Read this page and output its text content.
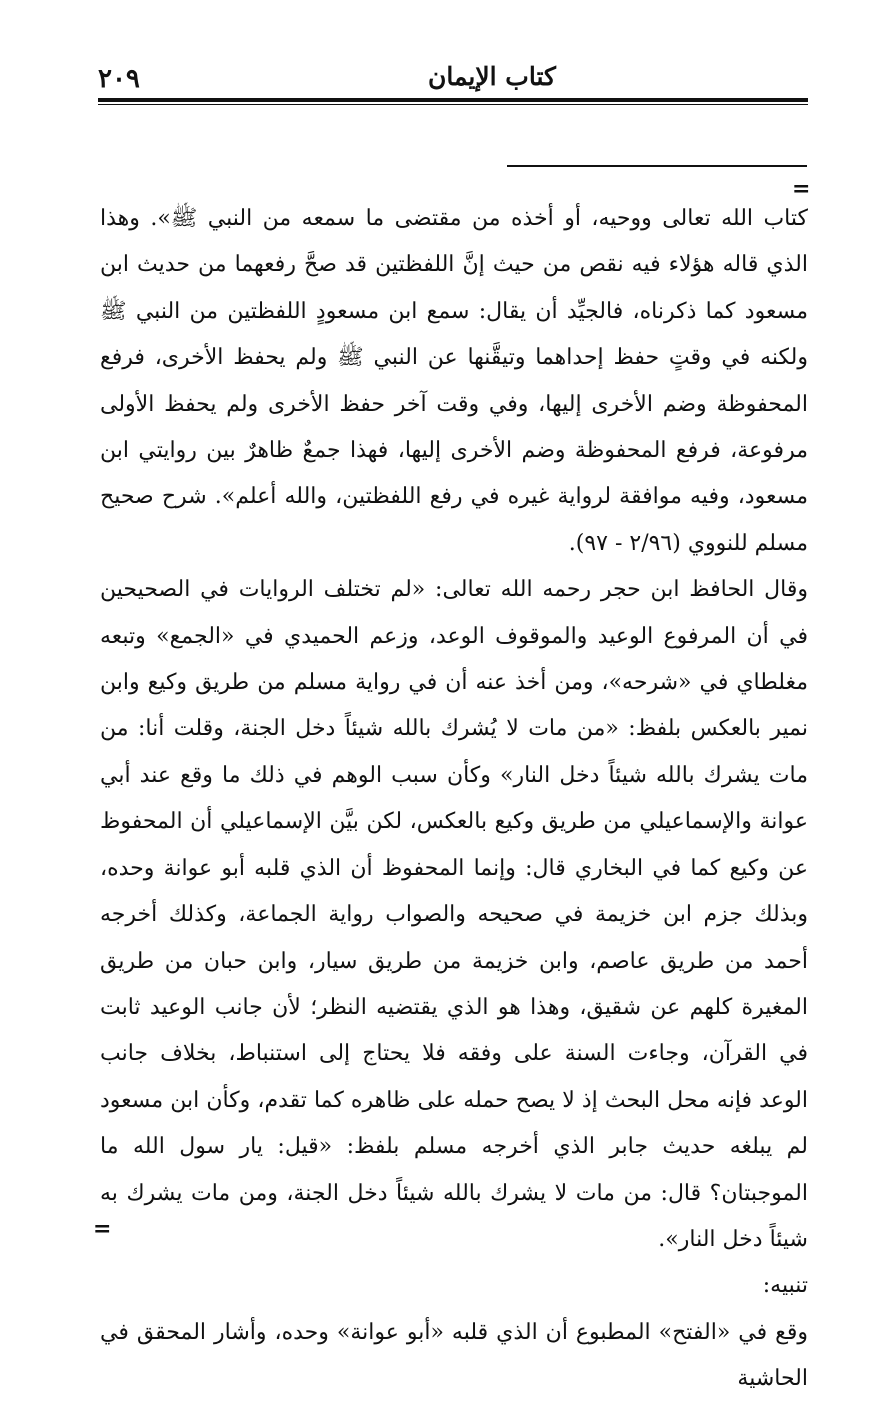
٢٠٩	كتاب الإيمان
=

كتاب الله تعالى ووحيه، أو أخذه من مقتضى ما سمعه من النبي ﷺ». وهذا الذي قاله هؤلاء فيه نقص من حيث إنَّ اللفظتين قد صحَّ رفعهما من حديث ابن مسعود كما ذكرناه، فالجيِّد أن يقال: سمع ابن مسعودٍ اللفظتين من النبي ﷺ ولكنه في وقتٍ حفظ إحداهما وتيقَّنها عن النبي ﷺ ولم يحفظ الأخرى، فرفع المحفوظة وضم الأخرى إليها، وفي وقت آخر حفظ الأخرى ولم يحفظ الأولى مرفوعة، فرفع المحفوظة وضم الأخرى إليها، فهذا جمعٌ ظاهرٌ بين روايتي ابن مسعود، وفيه موافقة لرواية غيره في رفع اللفظتين، والله أعلم». شرح صحيح مسلم للنووي (٢/٩٦ - ٩٧).

وقال الحافظ ابن حجر رحمه الله تعالى: «لم تختلف الروايات في الصحيحين في أن المرفوع الوعيد والموقوف الوعد، وزعم الحميدي في «الجمع» وتبعه مغلطاي في «شرحه»، ومن أخذ عنه أن في رواية مسلم من طريق وكيع وابن نمير بالعكس بلفظ: «من مات لا يُشرك بالله شيئاً دخل الجنة، وقلت أنا: من مات يشرك بالله شيئاً دخل النار» وكأن سبب الوهم في ذلك ما وقع عند أبي عوانة والإسماعيلي من طريق وكيع بالعكس، لكن بيَّن الإسماعيلي أن المحفوظ عن وكيع كما في البخاري قال: وإنما المحفوظ أن الذي قلبه أبو عوانة وحده، وبذلك جزم ابن خزيمة في صحيحه والصواب رواية الجماعة، وكذلك أخرجه أحمد من طريق عاصم، وابن خزيمة من طريق سيار، وابن حبان من طريق المغيرة كلهم عن شقيق، وهذا هو الذي يقتضيه النظر؛ لأن جانب الوعيد ثابت في القرآن، وجاءت السنة على وفقه فلا يحتاج إلى استنباط، بخلاف جانب الوعد فإنه محل البحث إذ لا يصح حمله على ظاهره كما تقدم، وكأن ابن مسعود لم يبلغه حديث جابر الذي أخرجه مسلم بلفظ: «قيل: يار سول الله ما الموجبتان؟ قال: من مات لا يشرك بالله شيئاً دخل الجنة، ومن مات يشرك به شيئاً دخل النار».

تنبيه:

وقع في «الفتح» المطبوع أن الذي قلبه «أبو عوانة» وحده، وأشار المحقق في الحاشية

=
